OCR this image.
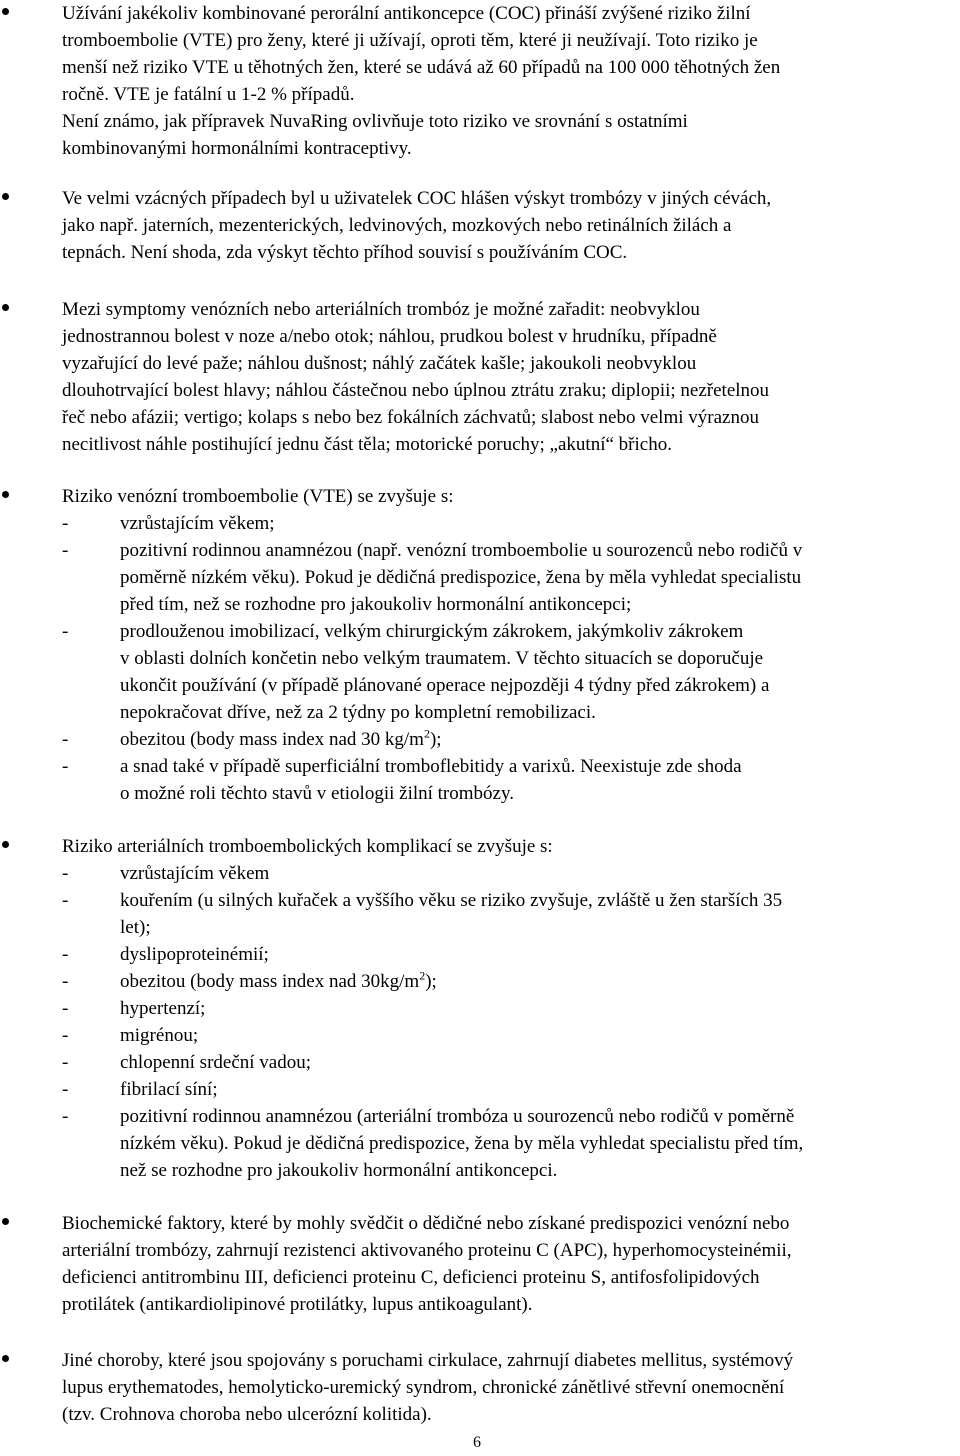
Užívání jakékoliv kombinované perorální antikoncepce (COC) přináší zvýšené riziko žilní
tromboembolie (VTE) pro ženy, které ji užívají, oproti těm, které ji neužívají. Toto riziko je
menší než riziko VTE u těhotných žen, které se udává až 60 případů na 100 000 těhotných žen
ročně. VTE je fatální u 1-2 % případů.
Není známo, jak přípravek NuvaRing ovlivňuje toto riziko ve srovnání s ostatními
kombinovanými hormonálními kontraceptivy.
Ve velmi vzácných případech byl u uživatelek COC hlášen výskyt trombózy v jiných cévách,
jako např. jaterních, mezenterických, ledvinových, mozkových nebo retinálních žilách a
tepnách. Není shoda, zda výskyt těchto příhod souvisí s používáním COC.
Mezi symptomy venózních nebo arteriálních trombóz je možné zařadit: neobvyklou
jednostrannou bolest v noze a/nebo otok; náhlou, prudkou bolest v hrudníku, případně
vyzařující do levé paže; náhlou dušnost; náhlý začátek kašle; jakoukoli neobvyklou
dlouhotrvající bolest hlavy; náhlou částečnou nebo úplnou ztrátu zraku; diplopii; nezřetelnou
řeč nebo afázii; vertigo; kolaps s nebo bez fokálních záchvatů; slabost nebo velmi výraznou
necitlivost náhle postihující jednu část těla; motorické poruchy; „akutní“ břicho.
Riziko venózní tromboembolie (VTE) se zvyšuje s:
-	vzrůstajícím věkem;
-	pozitivní rodinnou anamnézou (např. venózní tromboembolie u sourozenců nebo rodičů v
poměrně nízkém věku). Pokud je dědičná predispozice, žena by měla vyhledat specialistu
před tím, než se rozhodne pro jakoukoliv hormonální antikoncepci;
-	prodlouženou imobilizací, velkým chirurgickým zákrokem, jakýmkoliv zákrokem
v oblasti dolních končetin nebo velkým traumatem. V těchto situacích se doporučuje
ukončit používání (v případě plánované operace nejpozději 4 týdny před zákrokem) a
nepokračovat dříve, než za 2 týdny po kompletní remobilizaci.
-	obezitou (body mass index nad 30 $kg/m^2$);
-	a snad také v případě superficiální tromboflebitidy a varixů. Neexistuje zde shoda
o možné roli těchto stavů v etiologii žilní trombózy.
Riziko arteriálních tromboembolických komplikací se zvyšuje s:
-	vzrůstajícím věkem
-	kouřením (u silných kuřaček a vyššího věku se riziko zvyšuje, zvláště u žen starších 35
let);
-	dyslipoproteinémií;
-	obezitou (body mass index nad $30kg/m^2$);
-	hypertenzí;
-	migrénou;
-	chlopenní srdeční vadou;
-	fibrilací síní;
-	pozitivní rodinnou anamnézou (arteriální trombóza u sourozenců nebo rodičů v poměrně
nízkém věku). Pokud je dědičná predispozice, žena by měla vyhledat specialistu před tím,
než se rozhodne pro jakoukoliv hormonální antikoncepci.
Biochemické faktory, které by mohly svědčit o dědičné nebo získané predispozici venózní nebo
arteriální trombózy, zahrnují rezistenci aktivovaného proteinu C (APC), hyperhomocysteinémii,
deficienci antitrombinu III, deficienci proteinu C, deficienci proteinu S, antifosfolipidových
protilátek (antikardiolipinové protilátky, lupus antikoagulant).
Jiné choroby, které jsou spojovány s poruchami cirkulace, zahrnují diabetes mellitus, systémový
lupus erythematodes, hemolyticko-uremický syndrom, chronické zánětlivé střevní onemocnění
(tzv. Crohnova choroba nebo ulcerózní kolitida).
6
